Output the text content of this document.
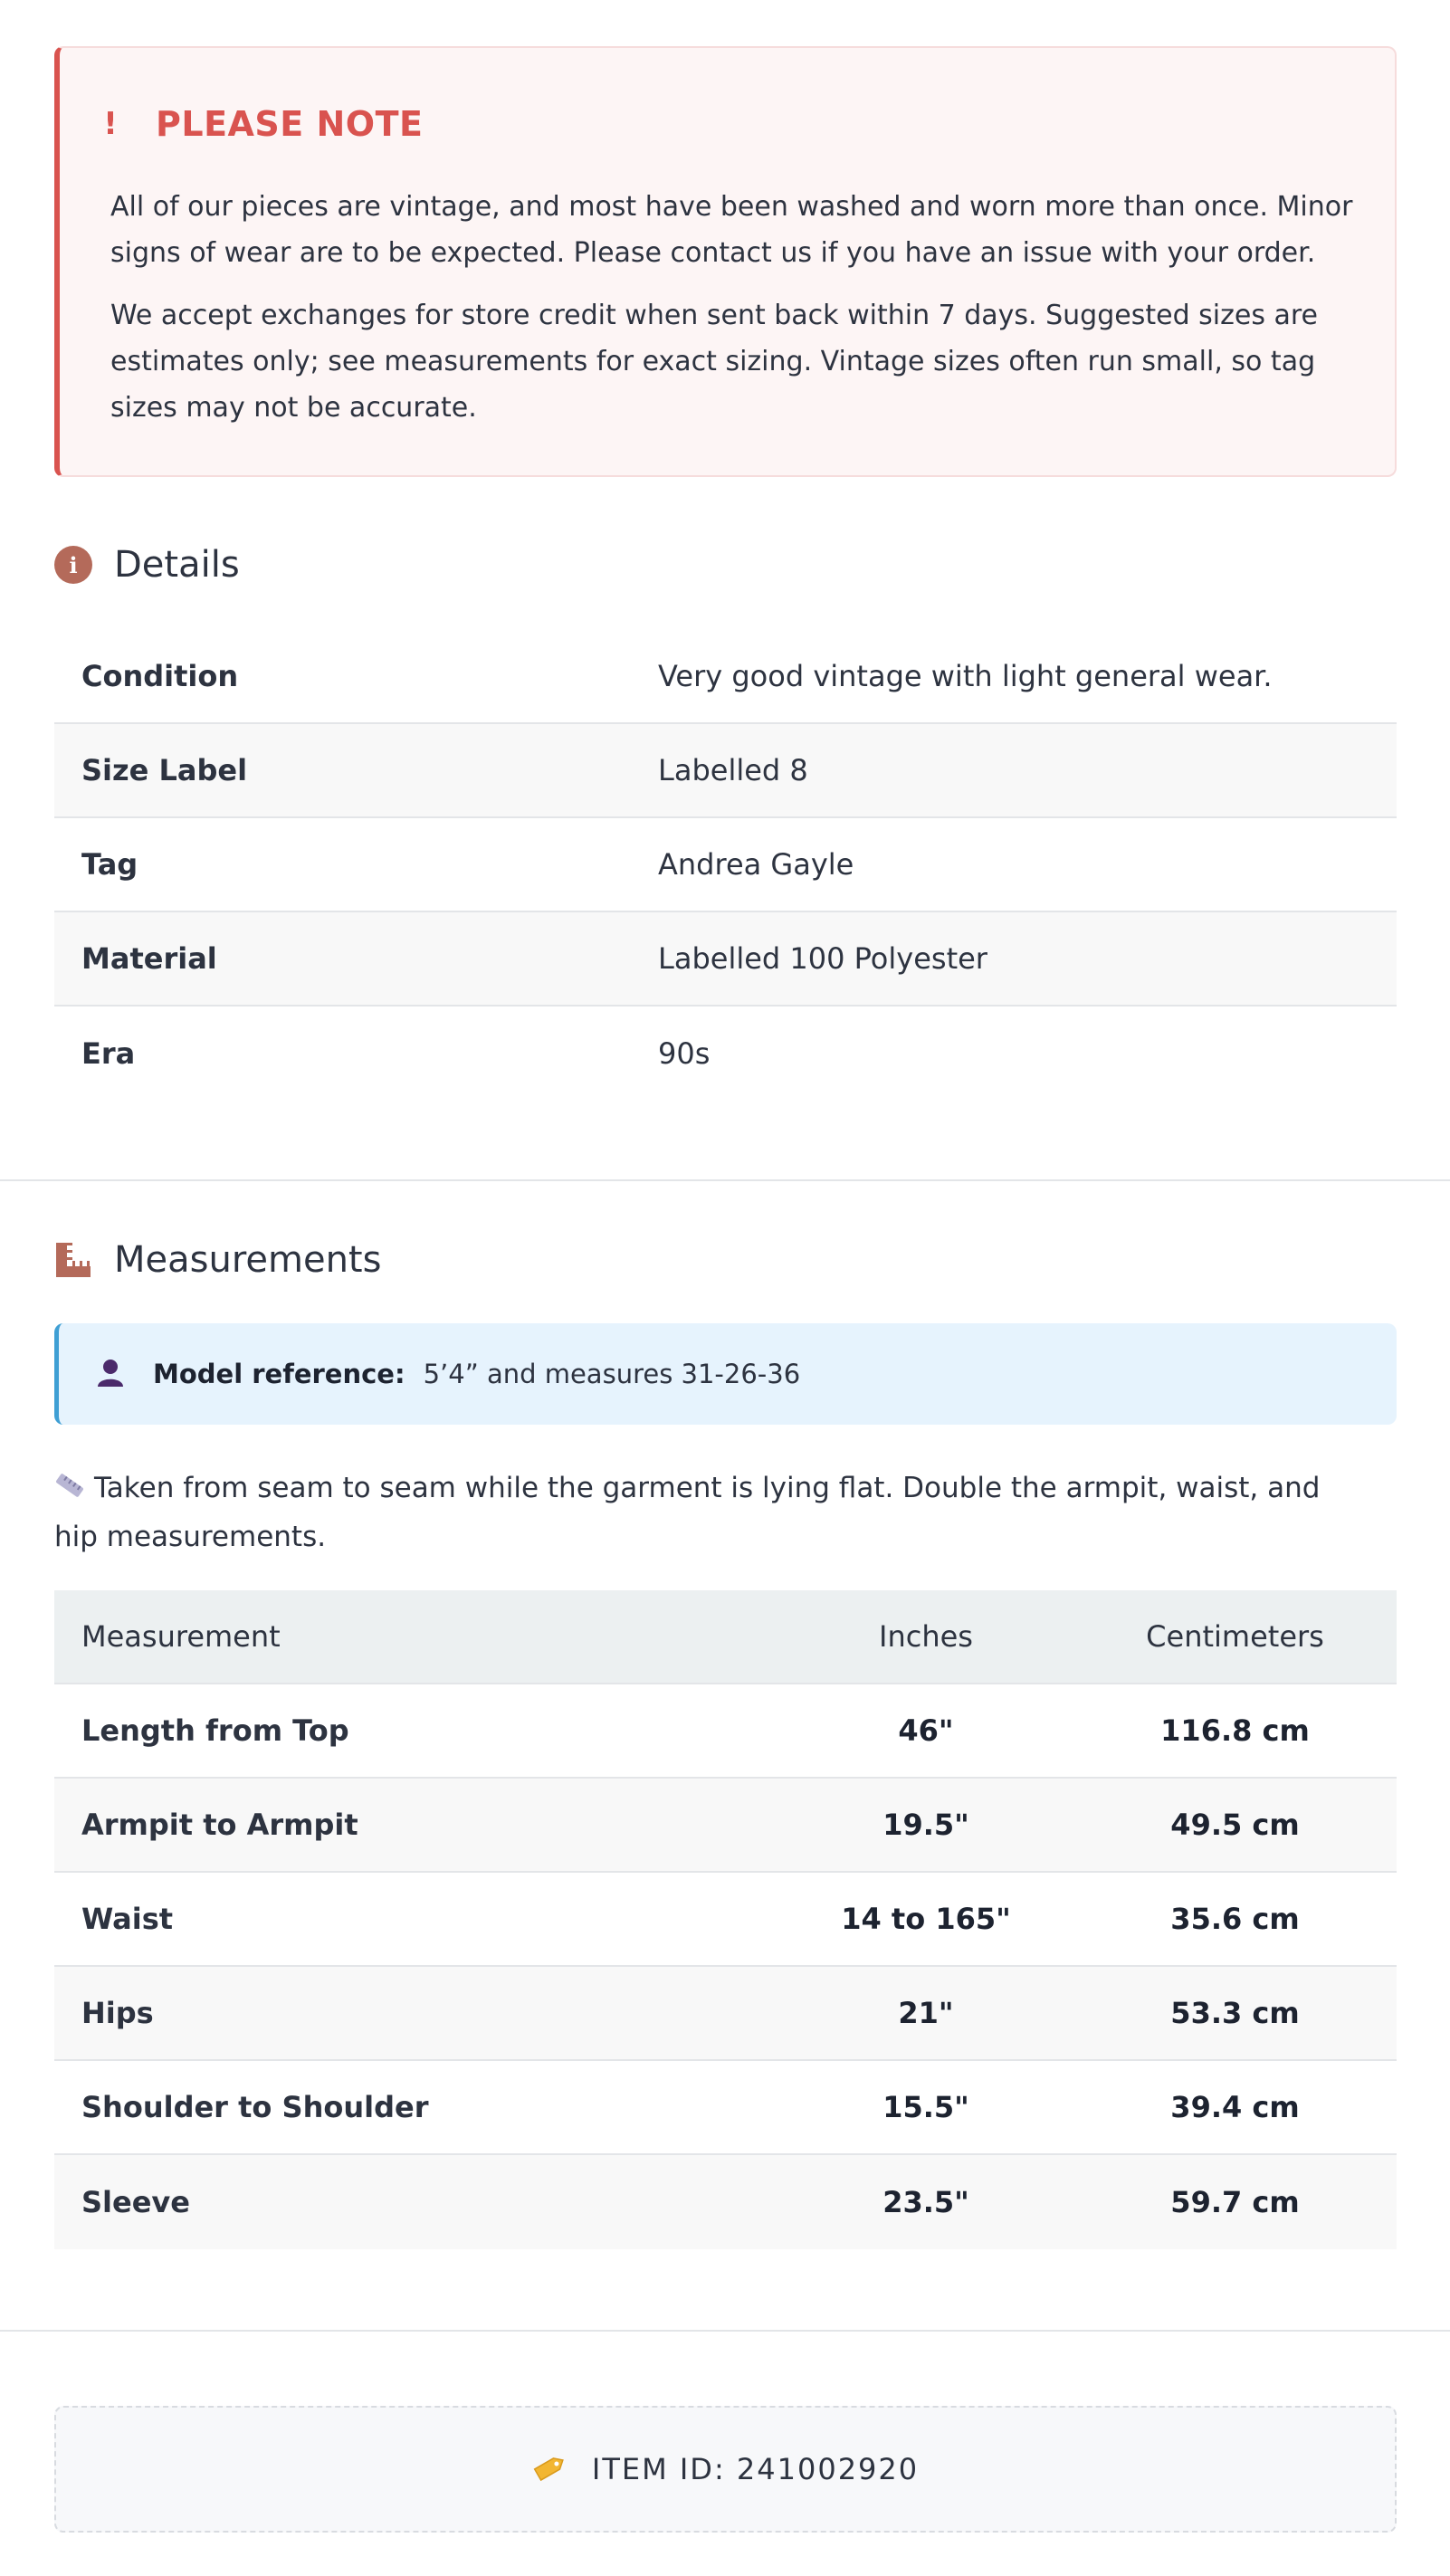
! PLEASE NOTE

All of our pieces are vintage, and most have been washed and worn more than once. Minor signs of wear are to be expected. Please contact us if you have an issue with your order.

We accept exchanges for store credit when sent back within 7 days. Suggested sizes are estimates only; see measurements for exact sizing. Vintage sizes often run small, so tag sizes may not be accurate.

i	Details
Condition	Very good vintage with light general wear.
Size Label	Labelled 8
Tag	Andrea Gayle
Material	Labelled 100 Polyester
Era	90s
Measurements
Model reference: 5’4” and measures 31-26-36

Taken from seam to seam while the garment is lying flat. Double the armpit, waist, and hip measurements.

Measurement	Inches	Centimeters
Length from Top	46"	116.8 cm
Armpit to Armpit	19.5"	49.5 cm
Waist	14 to 165"	35.6 cm
Hips	21"	53.3 cm
Shoulder to Shoulder	15.5"	39.4 cm
Sleeve	23.5"	59.7 cm
ITEM ID: 241002920
